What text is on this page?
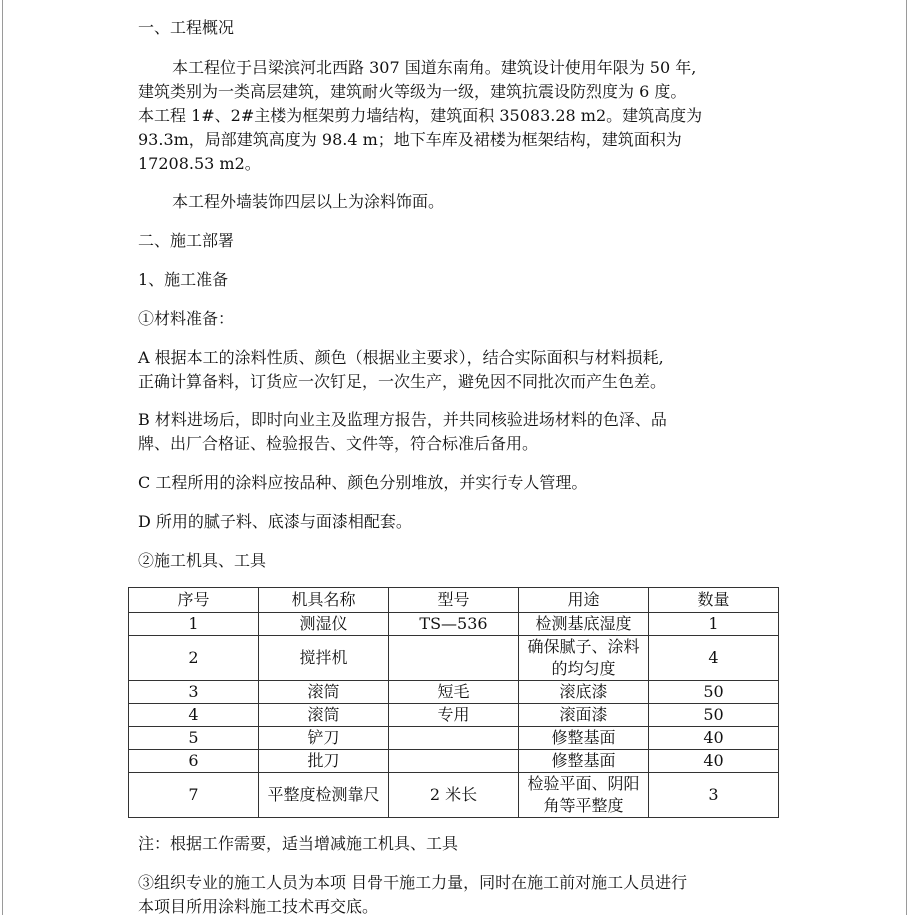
一、工程概况
本工程位于吕梁滨河北西路 307 国道东南角。建筑设计使用年限为 50 年,
建筑类别为一类高层建筑，建筑耐火等级为一级，建筑抗震设防烈度为 6 度。
本工程 1#、2#主楼为框架剪力墙结构，建筑面积 35083.28 m2。建筑高度为
93.3m，局部建筑高度为 98.4 m；地下车库及裙楼为框架结构，建筑面积为
17208.53 m2。
本工程外墙装饰四层以上为涂料饰面。
二、施工部署
1、施工准备
①材料准备：
A 根据本工的涂料性质、颜色（根据业主要求），结合实际面积与材料损耗,
正确计算备料，订货应一次钉足，一次生产，避免因不同批次而产生色差。
B 材料进场后，即时向业主及监理方报告，并共同核验进场材料的色泽、品
牌、出厂合格证、检验报告、文件等，符合标准后备用。
C 工程所用的涂料应按品种、颜色分别堆放，并实行专人管理。
D 所用的腻子料、底漆与面漆相配套。
②施工机具、工具
序号	机具名称	型号	用途	数量
1	测湿仪	TS—536	检测基底湿度	1
2	搅拌机		确保腻子、涂料的均匀度	4
3	滚筒	短毛	滚底漆	50
4	滚筒	专用	滚面漆	50
5	铲刀		修整基面	40
6	批刀		修整基面	40
7	平整度检测靠尺	2 米长	检验平面、阴阳角等平整度	3
注：根据工作需要，适当增减施工机具、工具
③组织专业的施工人员为本项 目骨干施工力量，同时在施工前对施工人员进行
本项目所用涂料施工技术再交底。
